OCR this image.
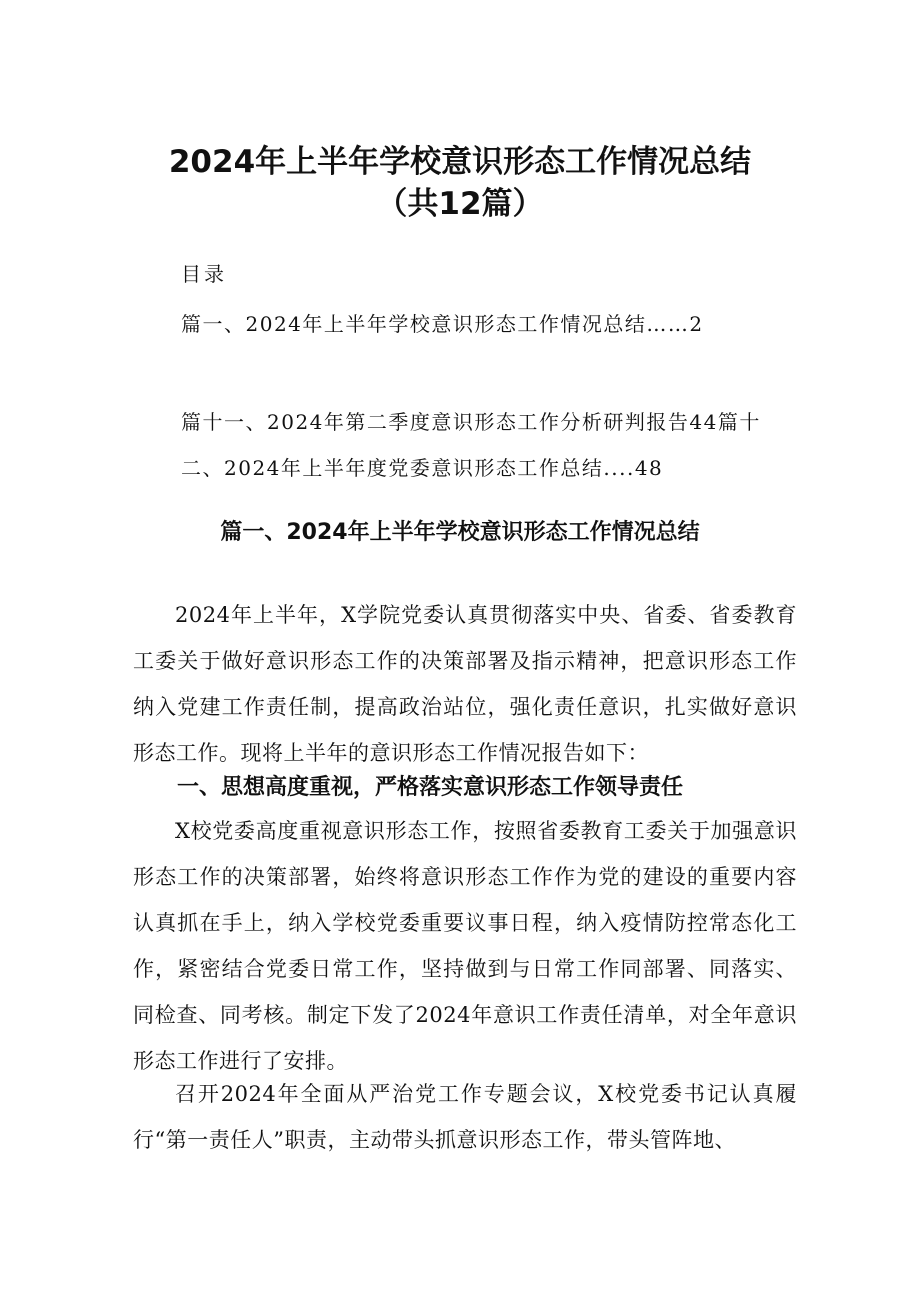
2024年上半年学校意识形态工作情况总结
（共12篇）
目录
篇一、2024年上半年学校意识形态工作情况总结……2
篇十一、2024年第二季度意识形态工作分析研判报告44篇十
二、2024年上半年度党委意识形态工作总结....48
篇一、2024年上半年学校意识形态工作情况总结

2024年上半年，X学院党委认真贯彻落实中央、省委、省委教育工委关于做好意识形态工作的决策部署及指示精神，把意识形态工作纳入党建工作责任制，提高政治站位，强化责任意识，扎实做好意识形态工作。现将上半年的意识形态工作情况报告如下：

一、思想高度重视，严格落实意识形态工作领导责任

X校党委高度重视意识形态工作，按照省委教育工委关于加强意识形态工作的决策部署，始终将意识形态工作作为党的建设的重要内容认真抓在手上，纳入学校党委重要议事日程，纳入疫情防控常态化工作，紧密结合党委日常工作，坚持做到与日常工作同部署、同落实、同检查、同考核。制定下发了2024年意识工作责任清单，对全年意识形态工作进行了安排。

召开2024年全面从严治党工作专题会议，X校党委书记认真履行“第一责任人”职责，主动带头抓意识形态工作，带头管阵地、
